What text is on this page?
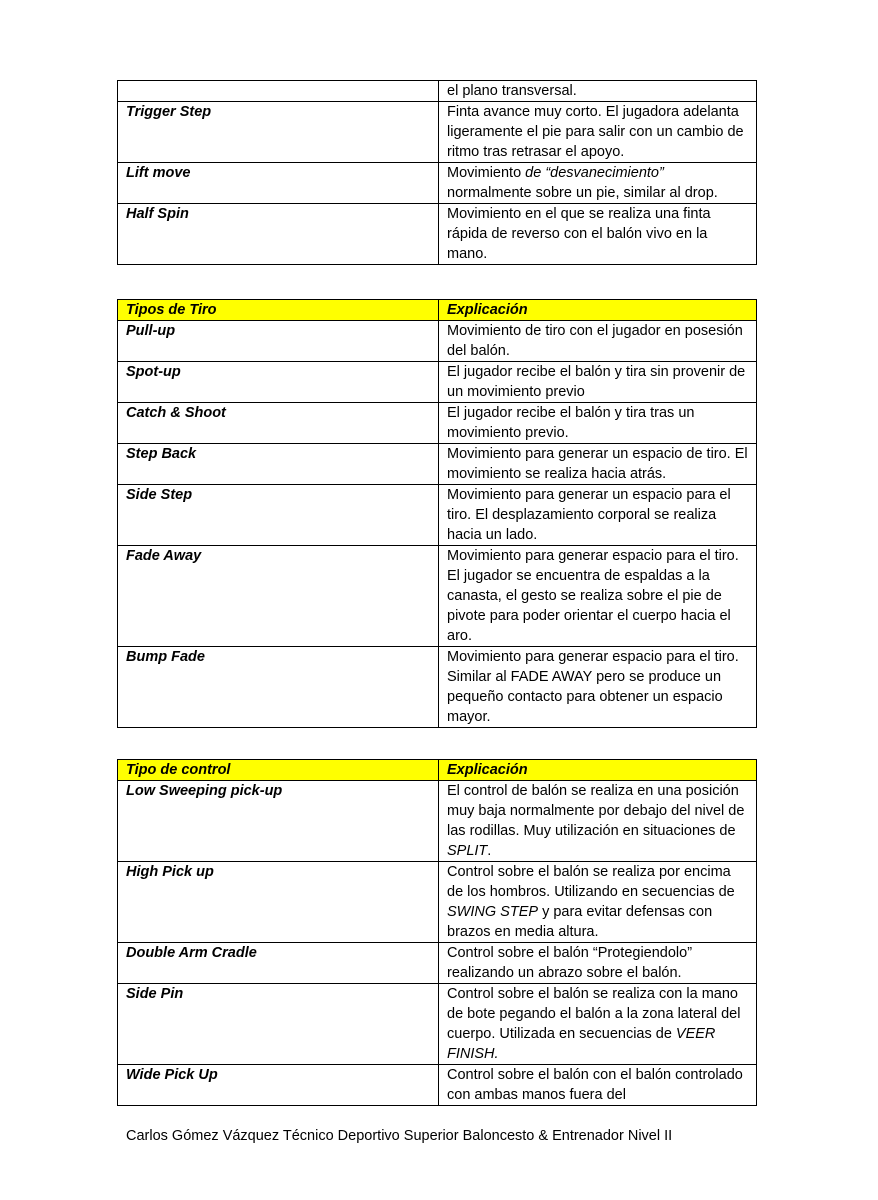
	el plano transversal.
Trigger Step	Finta avance muy corto. El jugadora adelanta ligeramente el pie para salir con un cambio de ritmo tras retrasar el apoyo.
Lift move	Movimiento de “desvanecimiento” normalmente sobre un pie, similar al drop.
Half Spin	Movimiento en el que se realiza una finta rápida de reverso con el balón vivo en la mano.
Tipos de Tiro	Explicación
Pull-up	Movimiento de tiro con el jugador en posesión del balón.
Spot-up	El jugador recibe el balón y tira sin provenir de un movimiento previo
Catch & Shoot	El jugador recibe el balón y tira tras un movimiento previo.
Step Back	Movimiento para generar un espacio de tiro. El movimiento se realiza hacia atrás.
Side Step	Movimiento para generar un espacio para el tiro. El desplazamiento corporal se realiza hacia un lado.
Fade Away	Movimiento para generar espacio para el tiro. El jugador se encuentra de espaldas a la canasta, el gesto se realiza sobre el pie de pivote para poder orientar el cuerpo hacia el aro.
Bump Fade	Movimiento para generar espacio para el tiro. Similar al FADE AWAY pero se produce un pequeño contacto para obtener un espacio mayor.
Tipo de control	Explicación
Low Sweeping pick-up	El control de balón se realiza en una posición muy baja normalmente por debajo del nivel de las rodillas. Muy utilización en situaciones de SPLIT.
High Pick up	Control sobre el balón se realiza por encima de los hombros. Utilizando en secuencias de SWING STEP y para evitar defensas con brazos en media altura.
Double Arm Cradle	Control sobre el balón “Protegiendolo” realizando un abrazo sobre el balón.
Side Pin	Control sobre el balón se realiza con la mano de bote pegando el balón a la zona lateral del cuerpo. Utilizada en secuencias de VEER FINISH.
Wide Pick Up	Control sobre el balón con el balón controlado con ambas manos fuera del
Carlos Gómez Vázquez Técnico Deportivo Superior Baloncesto & Entrenador Nivel II
